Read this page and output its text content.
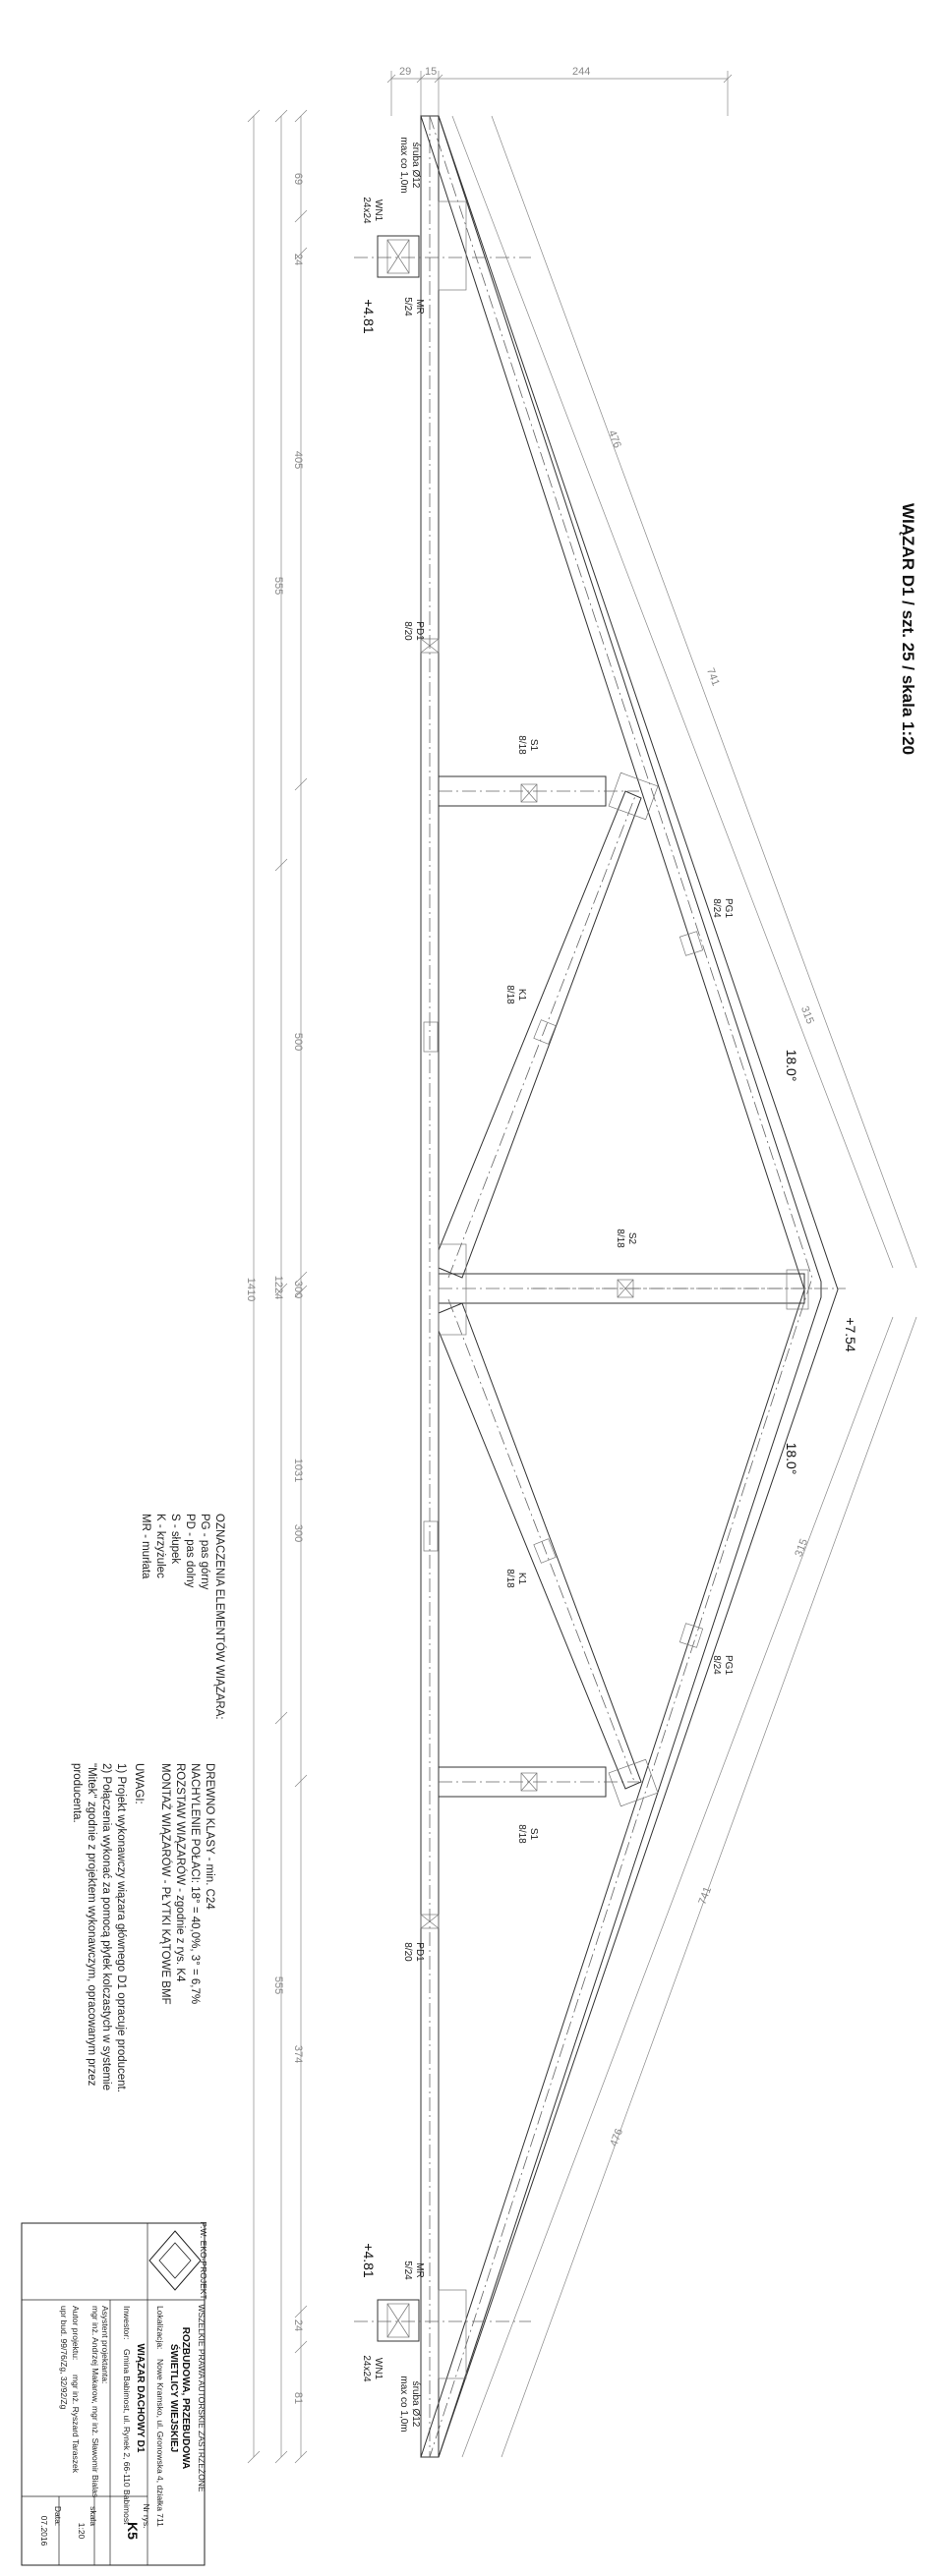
WIĄZAR D1 / szt. 25 / skala 1:20
29 15	244
69
24
405
500
300
300
24
81
555
1224
1031
555
374
1410
476
741
315
315
741
476
śruba Ø12
max co 1,0m
WN1
24x24
MR
5/24
+4.81
PD1
8/20
S1
8/18
PG1
8/24
K1
8/18
18.0°
S2
8/18
+7.54
18.0°
K1
8/18
PG1
8/24
S1
8/18
PD1
8/20
+4.81	MR
5/24
WN1
24x24
śruba Ø12
max co 1,0m
OZNACZENIA ELEMENTÓW WIĄZARA:
PG - pas górny
PD - pas dolny
S - słupek
K - krzyżulec
MR - murłata
DREWNO KLASY - min. C24
NACHYLENIE POŁACI: 18° = 40,0%, 3° = 6,7%
ROZSTAW WIĄZARÓW - zgodnie z rys. K4
MONTAŻ WIĄZARÓW - PŁYTKI KĄTOWE BMF
UWAGI:
1) Projekt wykonawczy wiązara głównego D1 opracuje producent.
2) Połączenia wykonać za pomocą płytek kolczastych w systemie
"Mitek" zgodnie z projektem wykonawczym, opracowanym przez
producenta.
WSZELKIE PRAWA AUTORSKIE ZASTRZEŻONE
P.W. EKO-PROJEKT
ROZBUDOWA, PRZEBUDOWA
ŚWIETLICY WIEJSKIEJ
Lokalizacja:
Nowe Kramsko, ul. Gronowska 4, działka 711
WIĄZAR DACHOWY D1
Inwestor:
Gmina Babimost, ul. Rynek 2, 66-110 Babimost
Asystent projektanta:
mgr inż. Andrzej Makarow, mgr inż. Sławomir Bialas
Autor projektu:
mgr inż. Ryszard Taraszek
upr bud. 99/76/Zg, 32/92/Zg
Nr rys.
K5
skala
1:20
Data:
07.2016
